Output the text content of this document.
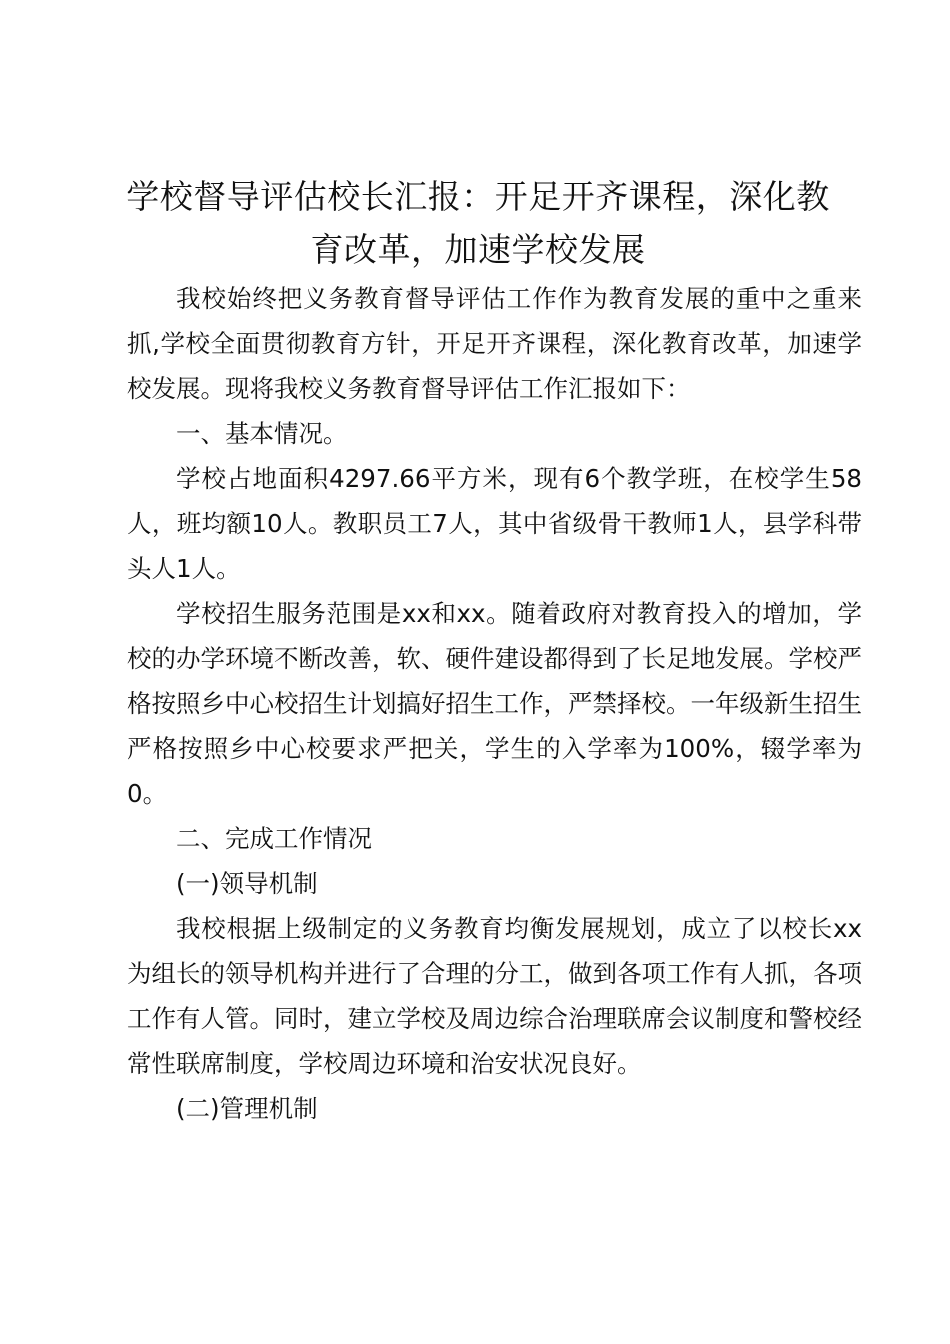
学校督导评估校长汇报：开足开齐课程，深化教育改革，加速学校发展

我校始终把义务教育督导评估工作作为教育发展的重中之重来抓,学校全面贯彻教育方针，开足开齐课程，深化教育改革，加速学校发展。现将我校义务教育督导评估工作汇报如下：

一、基本情况。

学校占地面积4297.66平方米，现有6个教学班，在校学生58人，班均额10人。教职员工7人，其中省级骨干教师1人，县学科带头人1人。

学校招生服务范围是xx和xx。随着政府对教育投入的增加，学校的办学环境不断改善，软、硬件建设都得到了长足地发展。学校严格按照乡中心校招生计划搞好招生工作，严禁择校。一年级新生招生严格按照乡中心校要求严把关，学生的入学率为100%，辍学率为0。

二、完成工作情况

(一)领导机制

我校根据上级制定的义务教育均衡发展规划，成立了以校长xx为组长的领导机构并进行了合理的分工，做到各项工作有人抓，各项工作有人管。同时，建立学校及周边综合治理联席会议制度和警校经常性联席制度，学校周边环境和治安状况良好。

(二)管理机制
